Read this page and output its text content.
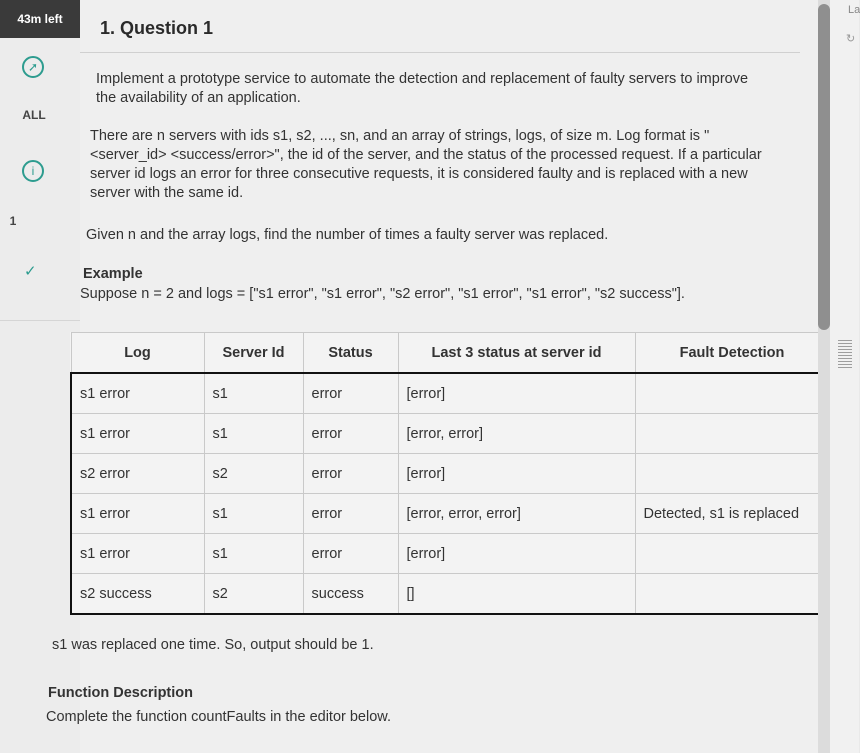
43m left
➚
ALL
i
1
✓
1. Question 1
Implement a prototype service to automate the detection and replacement of faulty servers to improve the availability of an application.
There are n servers with ids s1, s2, ..., sn, and an array of strings, logs, of size m. Log format is "<server_id> <success/error>", the id of the server, and the status of the processed request. If a particular server id logs an error for three consecutive requests, it is considered faulty and is replaced with a new server with the same id.
Given n and the array logs, find the number of times a faulty server was replaced.
Example
Suppose n = 2 and logs = ["s1 error", "s1 error", "s2 error", "s1 error", "s1 error", "s2 success"].
Log	Server Id	Status	Last 3 status at server id	Fault Detection
s1 error	s1	error	[error]	
s1 error	s1	error	[error, error]	
s2 error	s2	error	[error]	
s1 error	s1	error	[error, error, error]	Detected, s1 is replaced
s1 error	s1	error	[error]	
s2 success	s2	success	[]	
s1 was replaced one time. So, output should be 1.
Function Description
Complete the function countFaults in the editor below.
La
↻
